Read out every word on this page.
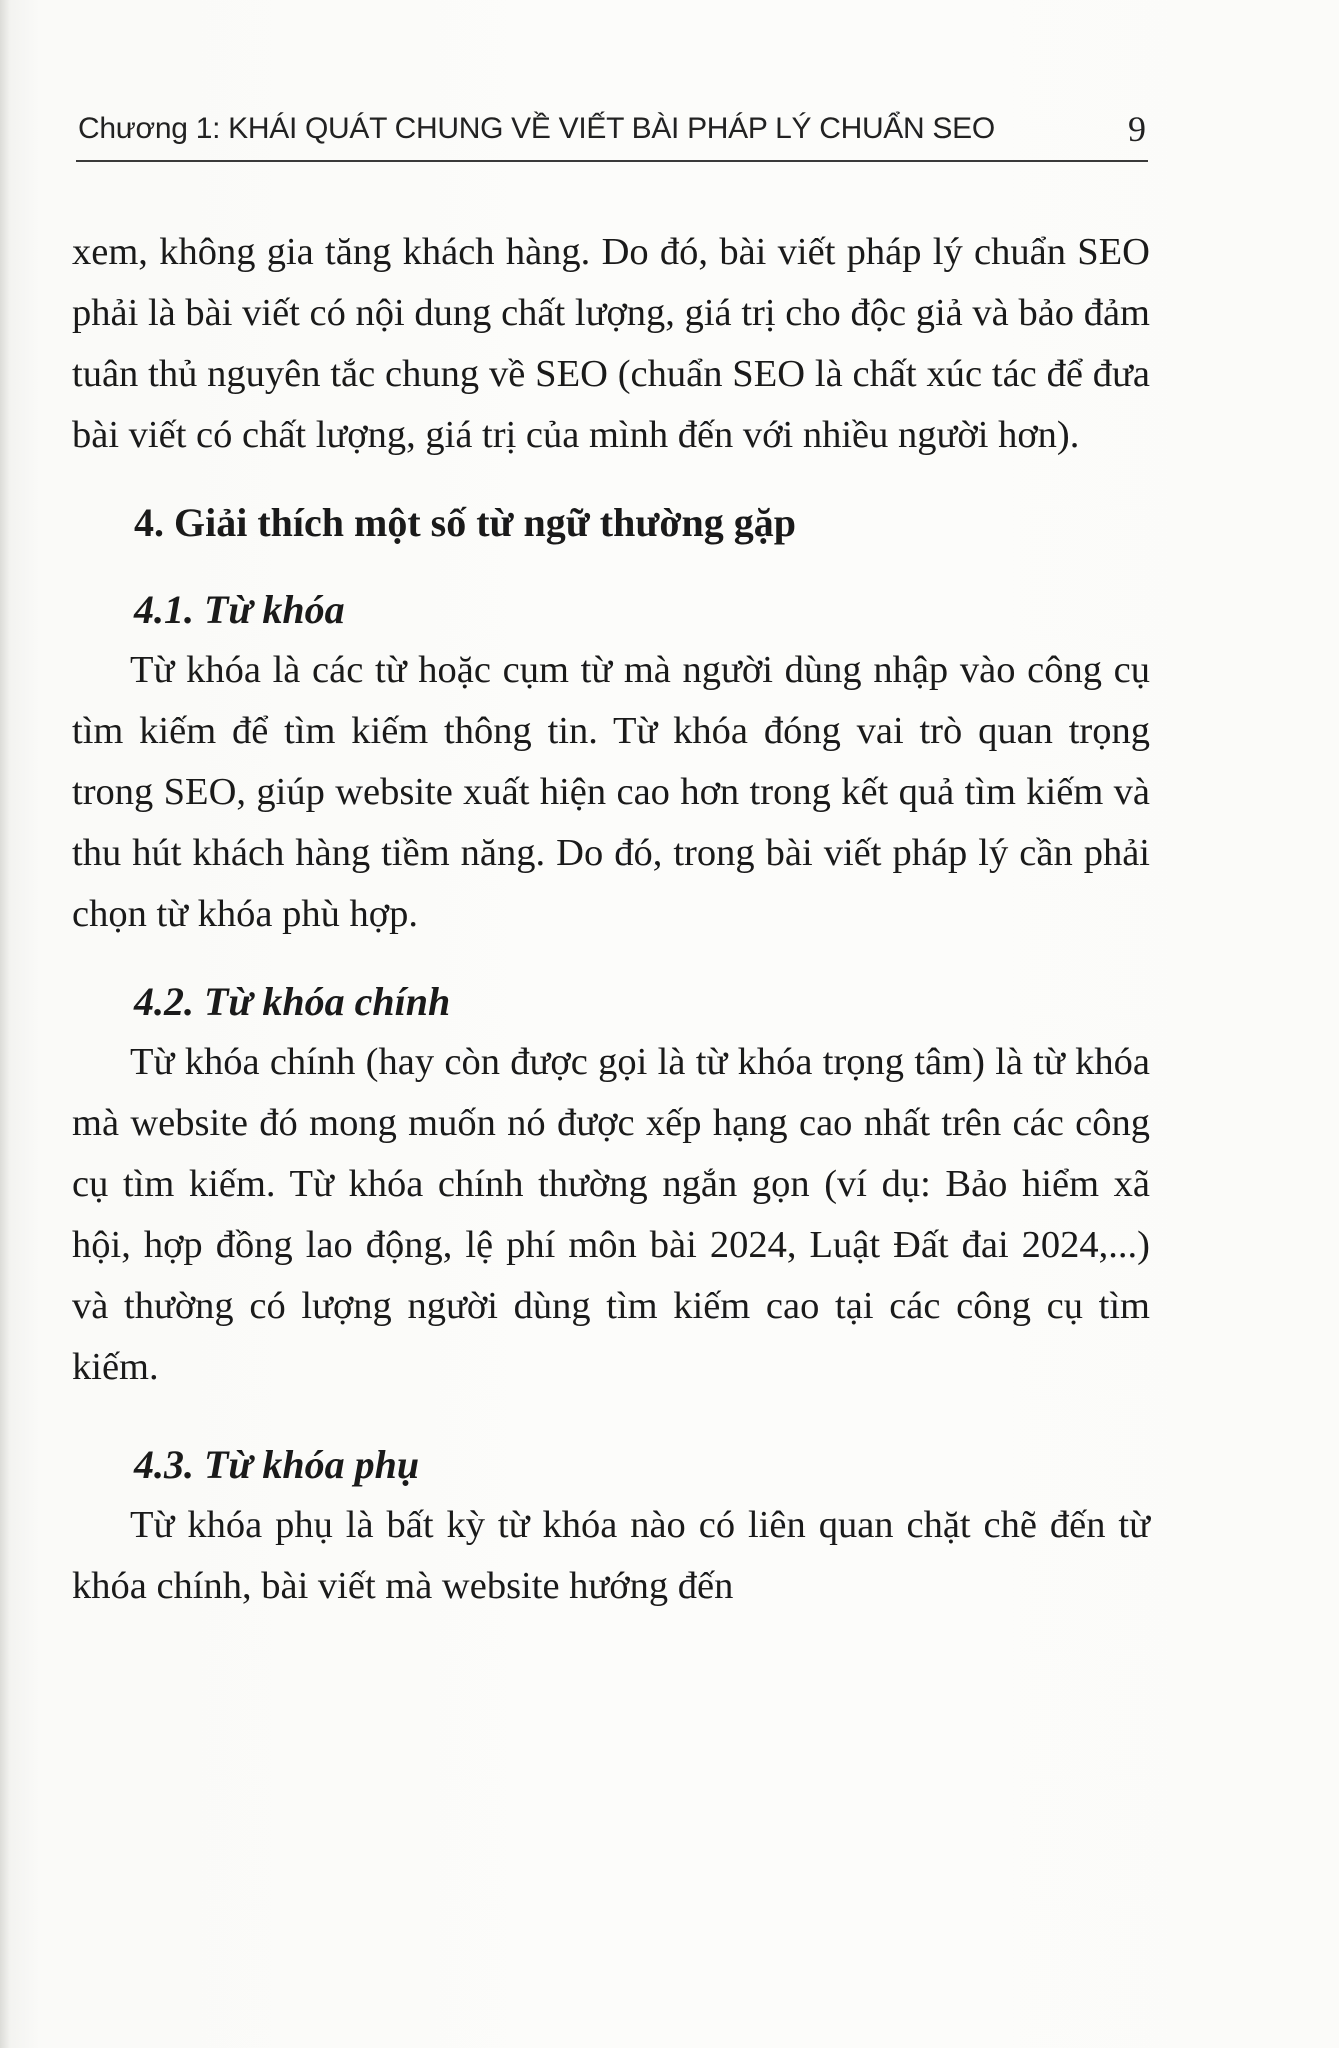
Chương 1: KHÁI QUÁT CHUNG VỀ VIẾT BÀI PHÁP LÝ CHUẨN SEO	9

xem, không gia tăng khách hàng. Do đó, bài viết pháp lý chuẩn SEO phải là bài viết có nội dung chất lượng, giá trị cho độc giả và bảo đảm tuân thủ nguyên tắc chung về SEO (chuẩn SEO là chất xúc tác để đưa bài viết có chất lượng, giá trị của mình đến với nhiều người hơn).

4. Giải thích một số từ ngữ thường gặp
4.1. Từ khóa

Từ khóa là các từ hoặc cụm từ mà người dùng nhập vào công cụ tìm kiếm để tìm kiếm thông tin. Từ khóa đóng vai trò quan trọng trong SEO, giúp website xuất hiện cao hơn trong kết quả tìm kiếm và thu hút khách hàng tiềm năng. Do đó, trong bài viết pháp lý cần phải chọn từ khóa phù hợp.

4.2. Từ khóa chính

Từ khóa chính (hay còn được gọi là từ khóa trọng tâm) là từ khóa mà website đó mong muốn nó được xếp hạng cao nhất trên các công cụ tìm kiếm. Từ khóa chính thường ngắn gọn (ví dụ: Bảo hiểm xã hội, hợp đồng lao động, lệ phí môn bài 2024, Luật Đất đai 2024,...) và thường có lượng người dùng tìm kiếm cao tại các công cụ tìm kiếm.

4.3. Từ khóa phụ

Từ khóa phụ là bất kỳ từ khóa nào có liên quan chặt chẽ đến từ khóa chính, bài viết mà website hướng đến
